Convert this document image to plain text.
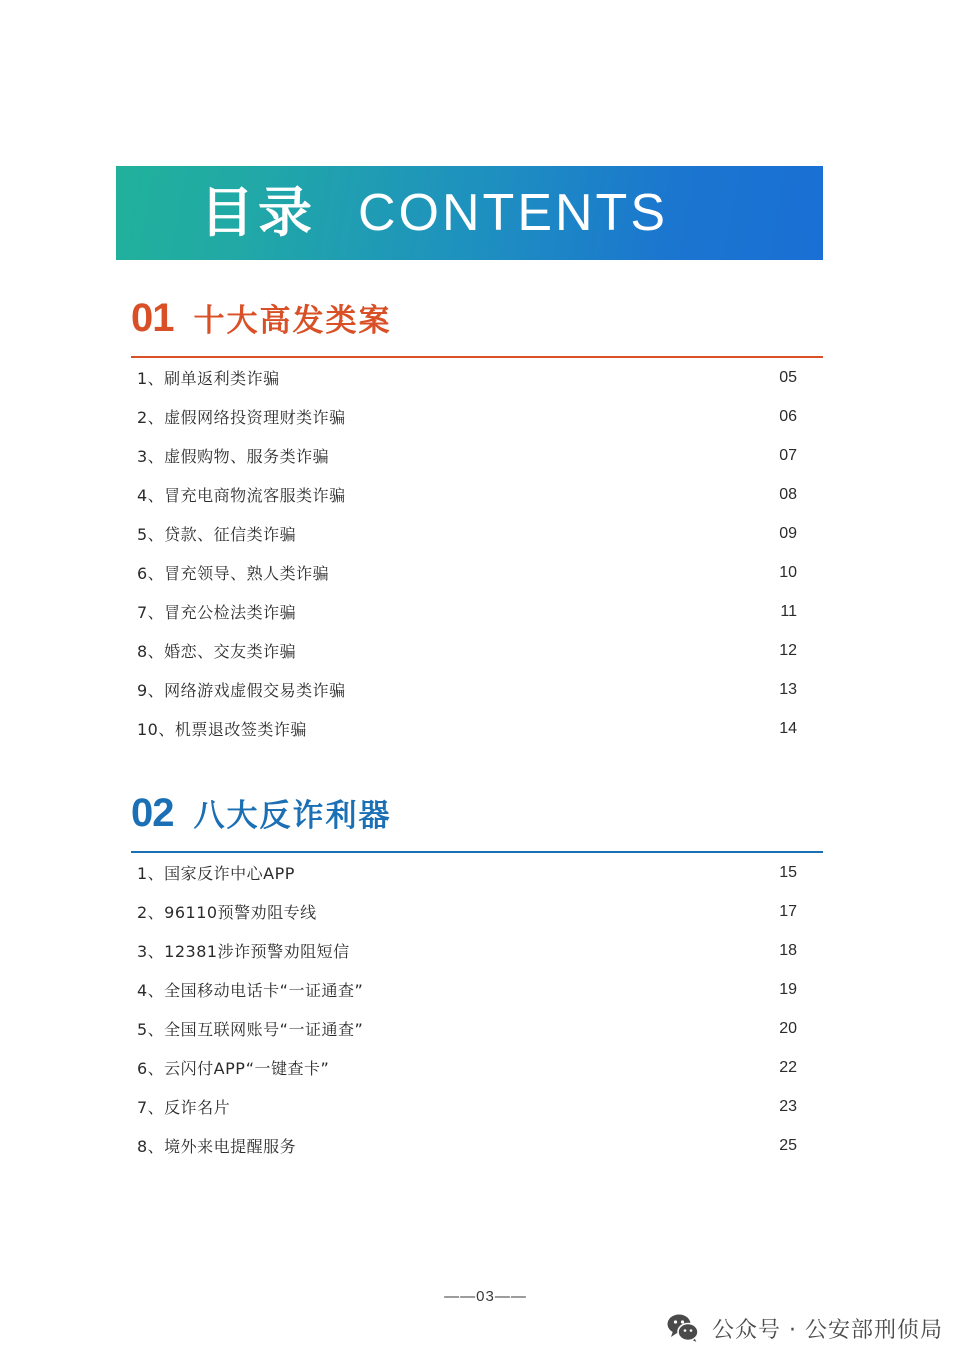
目录 CONTENTS
01 十大高发类案
1、刷单返利类诈骗	05
2、虚假网络投资理财类诈骗	06
3、虚假购物、服务类诈骗	07
4、冒充电商物流客服类诈骗	08
5、贷款、征信类诈骗	09
6、冒充领导、熟人类诈骗	10
7、冒充公检法类诈骗	11
8、婚恋、交友类诈骗	12
9、网络游戏虚假交易类诈骗	13
10、机票退改签类诈骗	14
02 八大反诈利器
1、国家反诈中心APP	15
2、96110预警劝阻专线	17
3、12381涉诈预警劝阻短信	18
4、全国移动电话卡“一证通查”	19
5、全国互联网账号“一证通查”	20
6、云闪付APP“一键查卡”	22
7、反诈名片	23
8、境外来电提醒服务	25
——03——
公众号 · 公安部刑侦局
